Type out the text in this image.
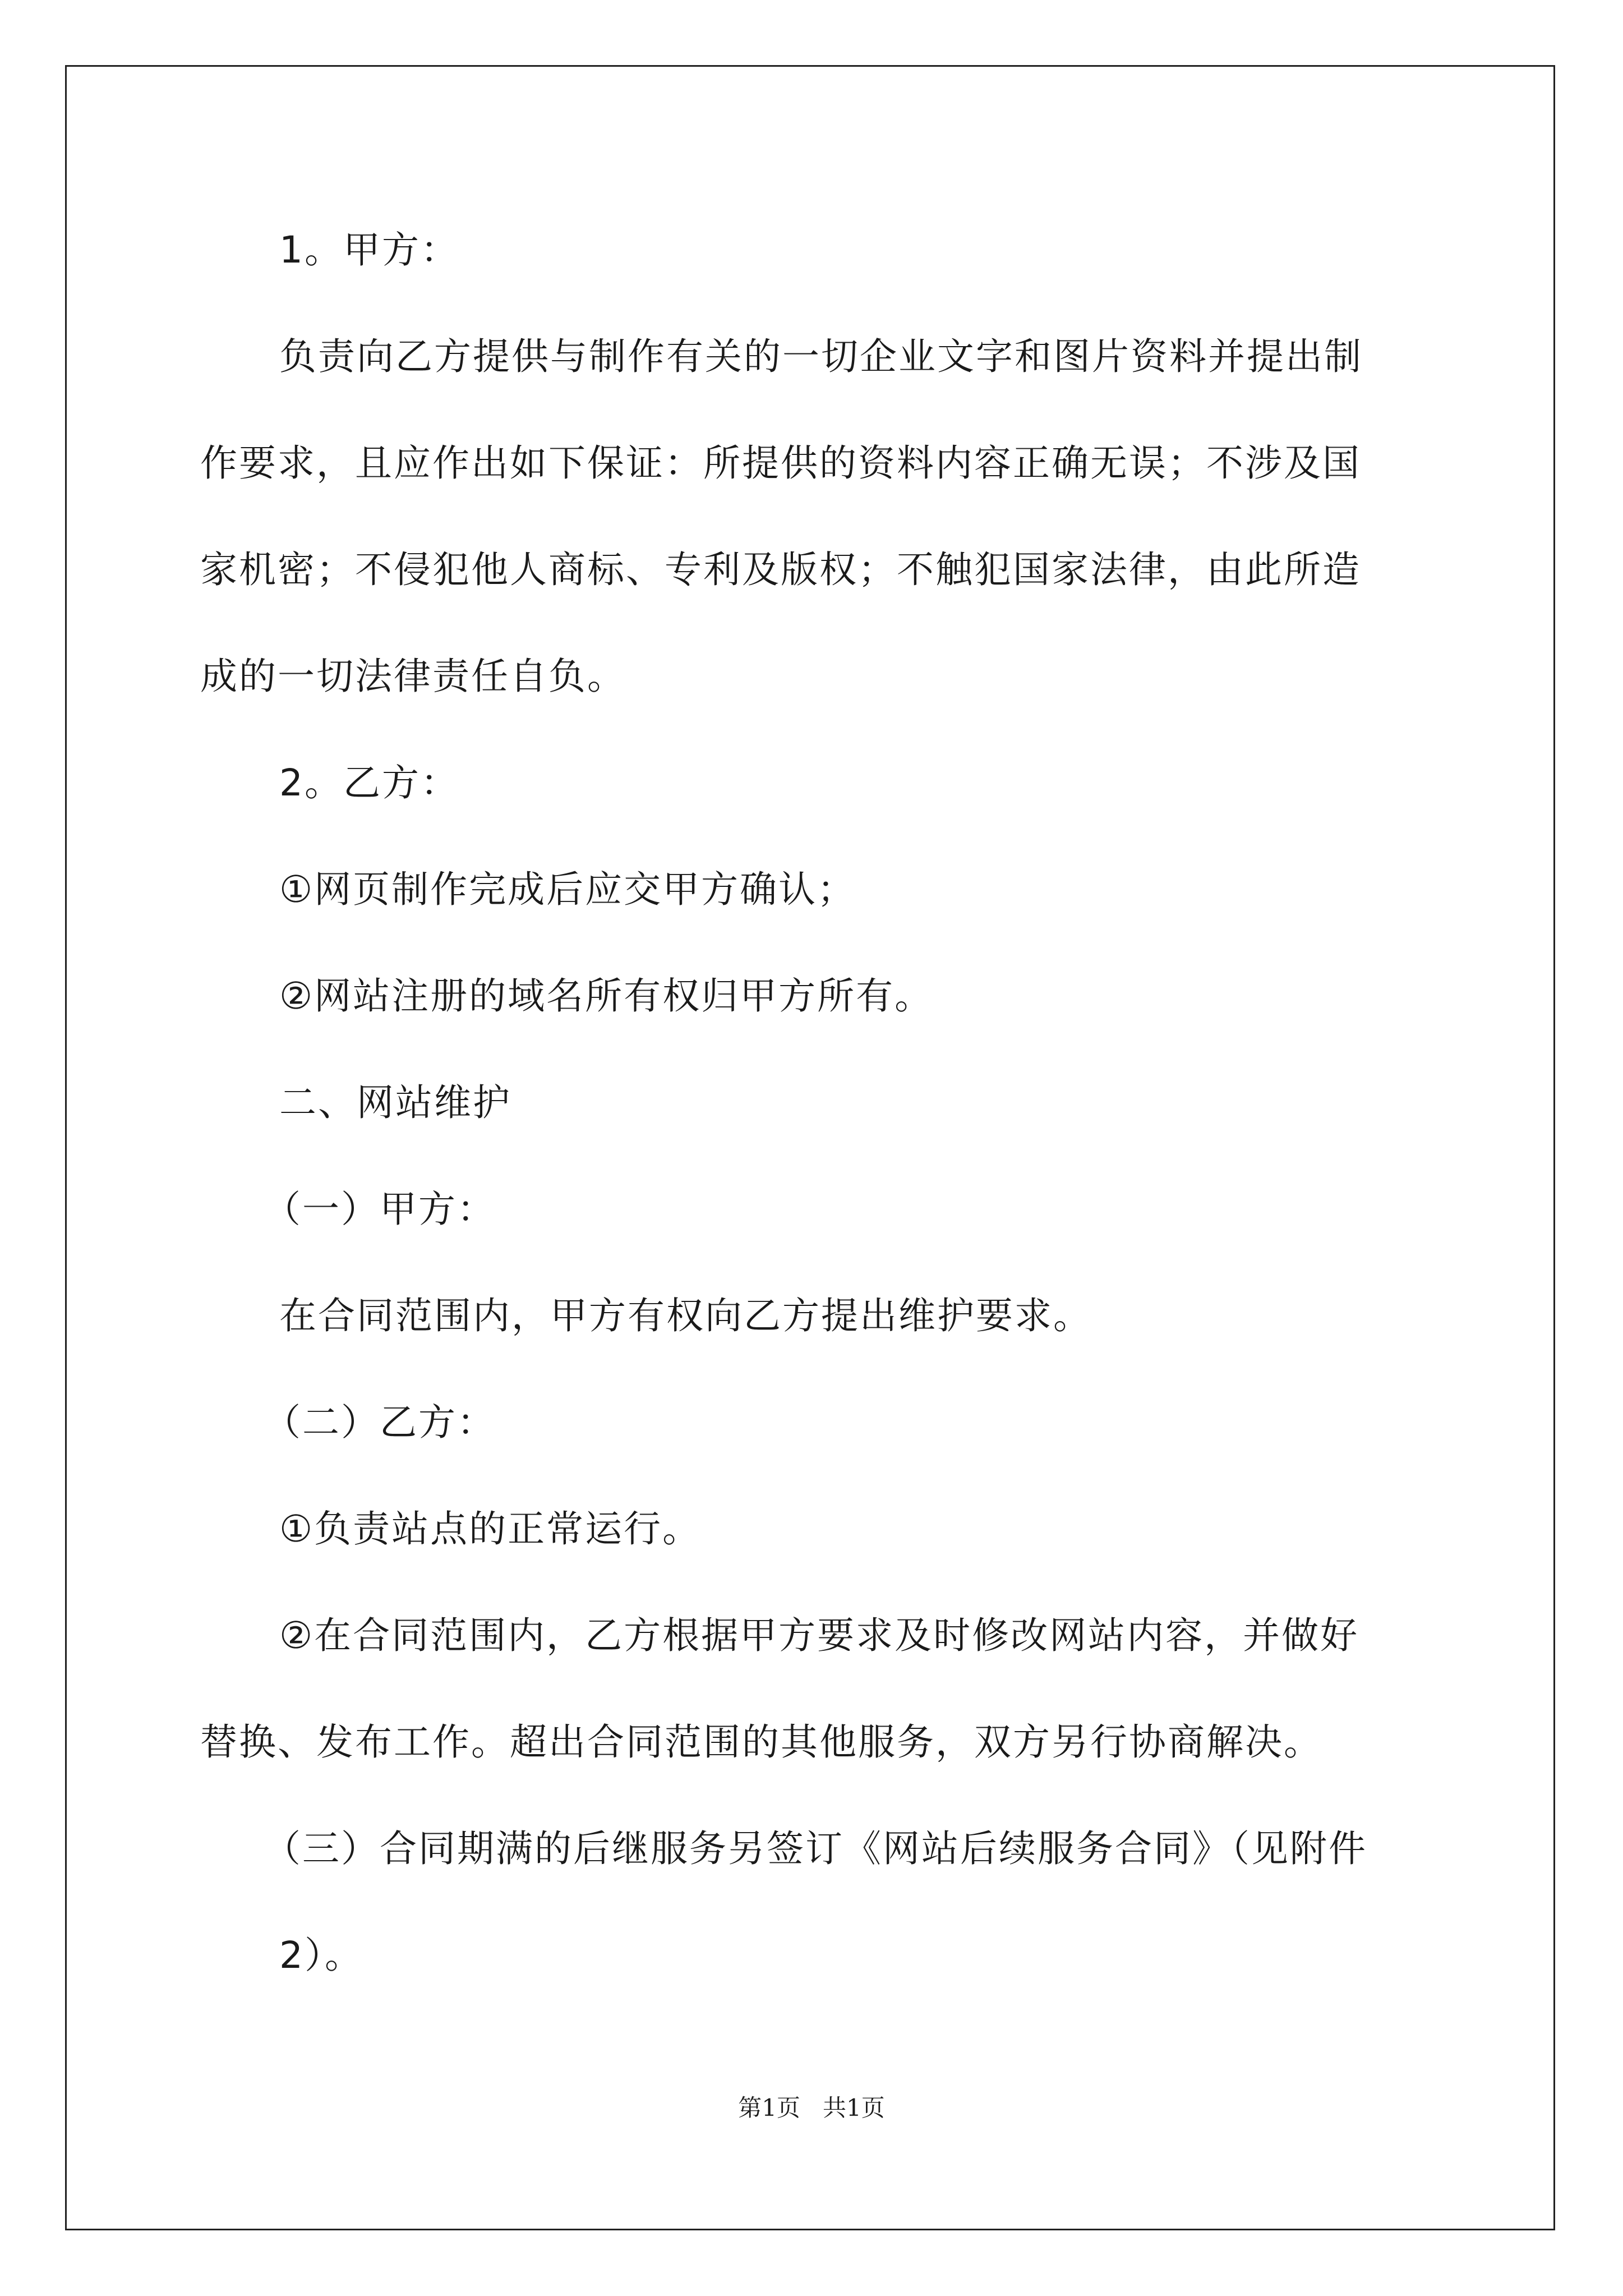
1。甲方：
负责向乙方提供与制作有关的一切企业文字和图片资料并提出制
作要求，且应作出如下保证：所提供的资料内容正确无误；不涉及国
家机密；不侵犯他人商标、专利及版权；不触犯国家法律，由此所造
成的一切法律责任自负。
2。乙方：
①网页制作完成后应交甲方确认；
②网站注册的域名所有权归甲方所有。
二、网站维护
（一）甲方：
在合同范围内，甲方有权向乙方提出维护要求。
（二）乙方：
①负责站点的正常运行。
②在合同范围内，乙方根据甲方要求及时修改网站内容，并做好
替换、发布工作。超出合同范围的其他服务，双方另行协商解决。
（三）合同期满的后继服务另签订《网站后续服务合同》（见附件
2）。
第1页   共1页
